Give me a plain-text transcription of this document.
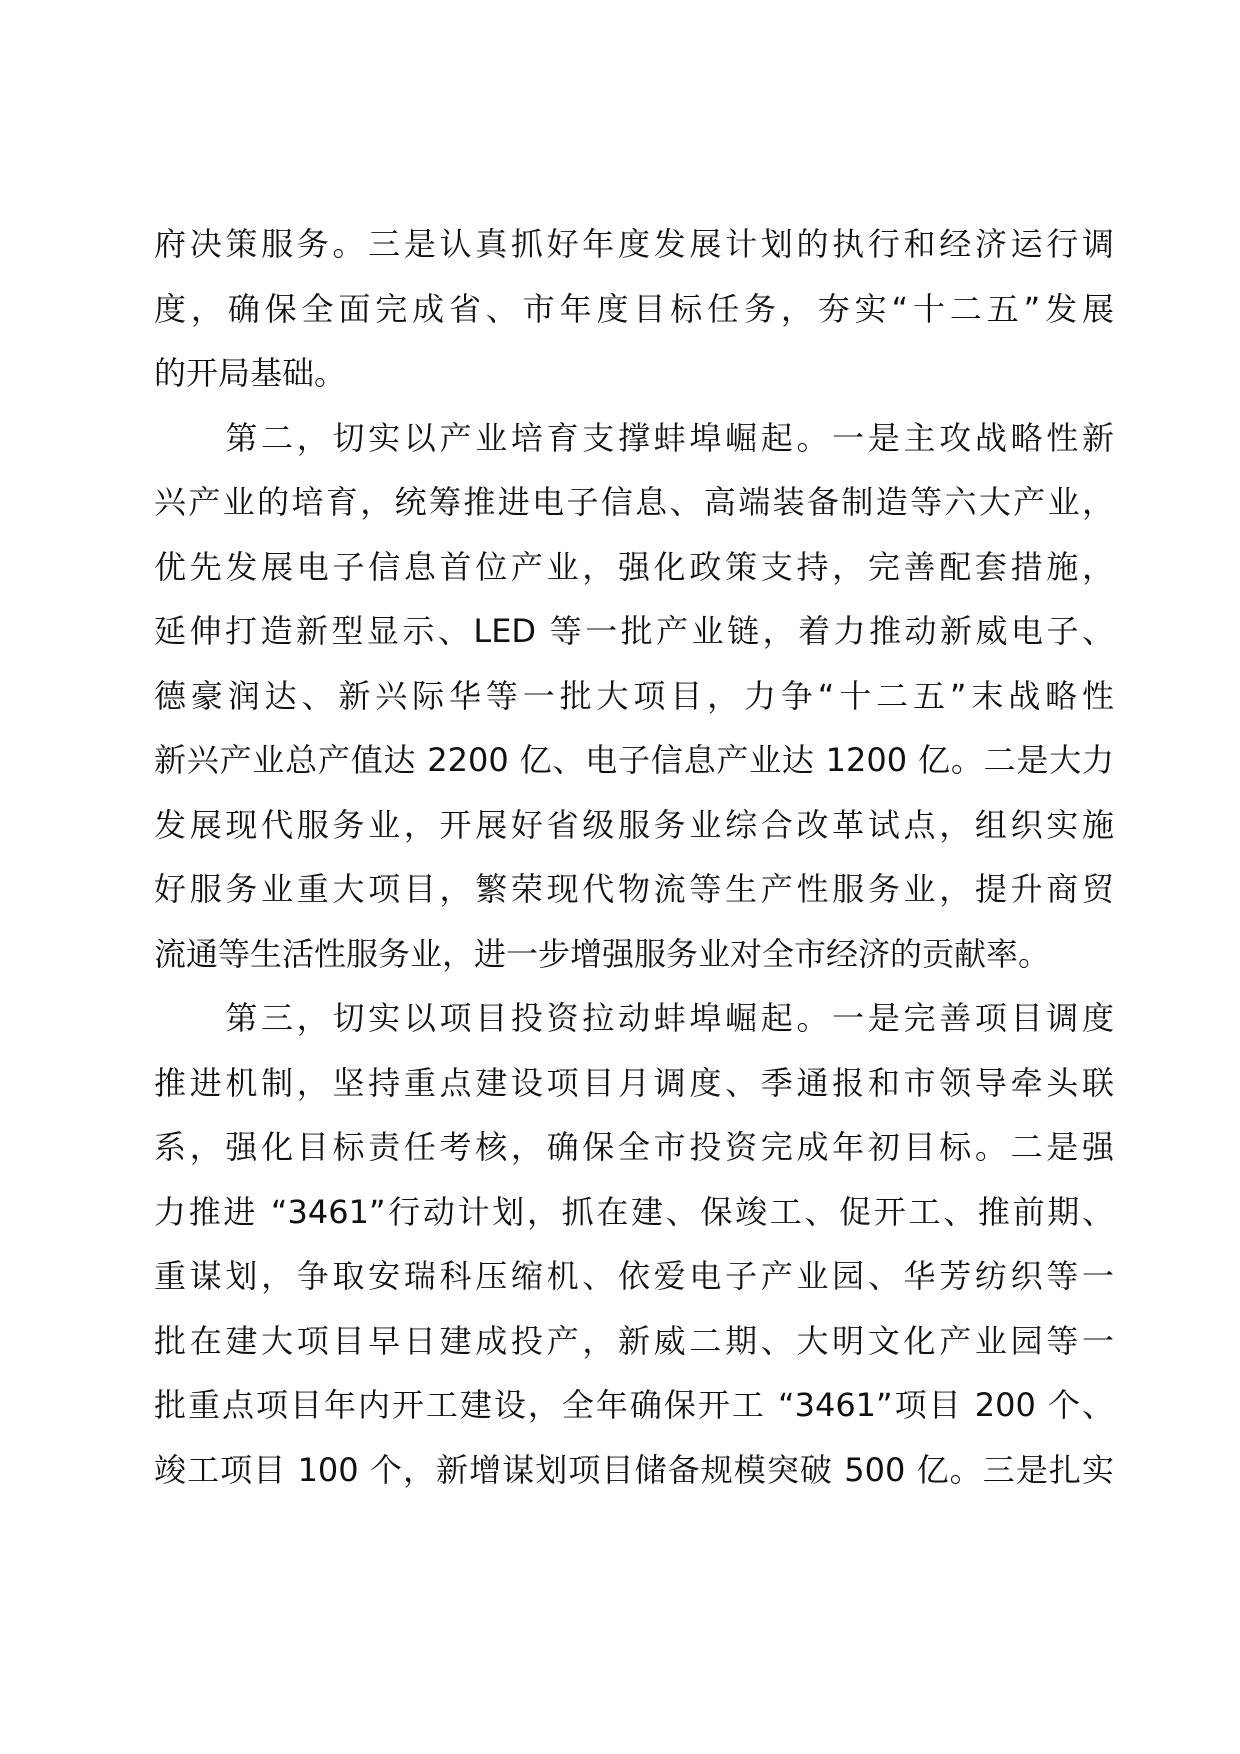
府决策服务。三是认真抓好年度发展计划的执行和经济运行调
度，确保全面完成省、市年度目标任务，夯实“十二五”发展
的开局基础。
　　第二，切实以产业培育支撑蚌埠崛起。一是主攻战略性新
兴产业的培育，统筹推进电子信息、高端装备制造等六大产业，
优先发展电子信息首位产业，强化政策支持，完善配套措施，
延伸打造新型显示、LED 等一批产业链，着力推动新威电子、
德豪润达、新兴际华等一批大项目，力争“十二五”末战略性
新兴产业总产值达 2200 亿、电子信息产业达 1200 亿。二是大力
发展现代服务业，开展好省级服务业综合改革试点，组织实施
好服务业重大项目，繁荣现代物流等生产性服务业，提升商贸
流通等生活性服务业，进一步增强服务业对全市经济的贡献率。
　　第三，切实以项目投资拉动蚌埠崛起。一是完善项目调度
推进机制，坚持重点建设项目月调度、季通报和市领导牵头联
系，强化目标责任考核，确保全市投资完成年初目标。二是强
力推进 “3461”行动计划，抓在建、保竣工、促开工、推前期、
重谋划，争取安瑞科压缩机、依爱电子产业园、华芳纺织等一
批在建大项目早日建成投产，新威二期、大明文化产业园等一
批重点项目年内开工建设，全年确保开工 “3461”项目 200 个、
竣工项目 100 个，新增谋划项目储备规模突破 500 亿。三是扎实
